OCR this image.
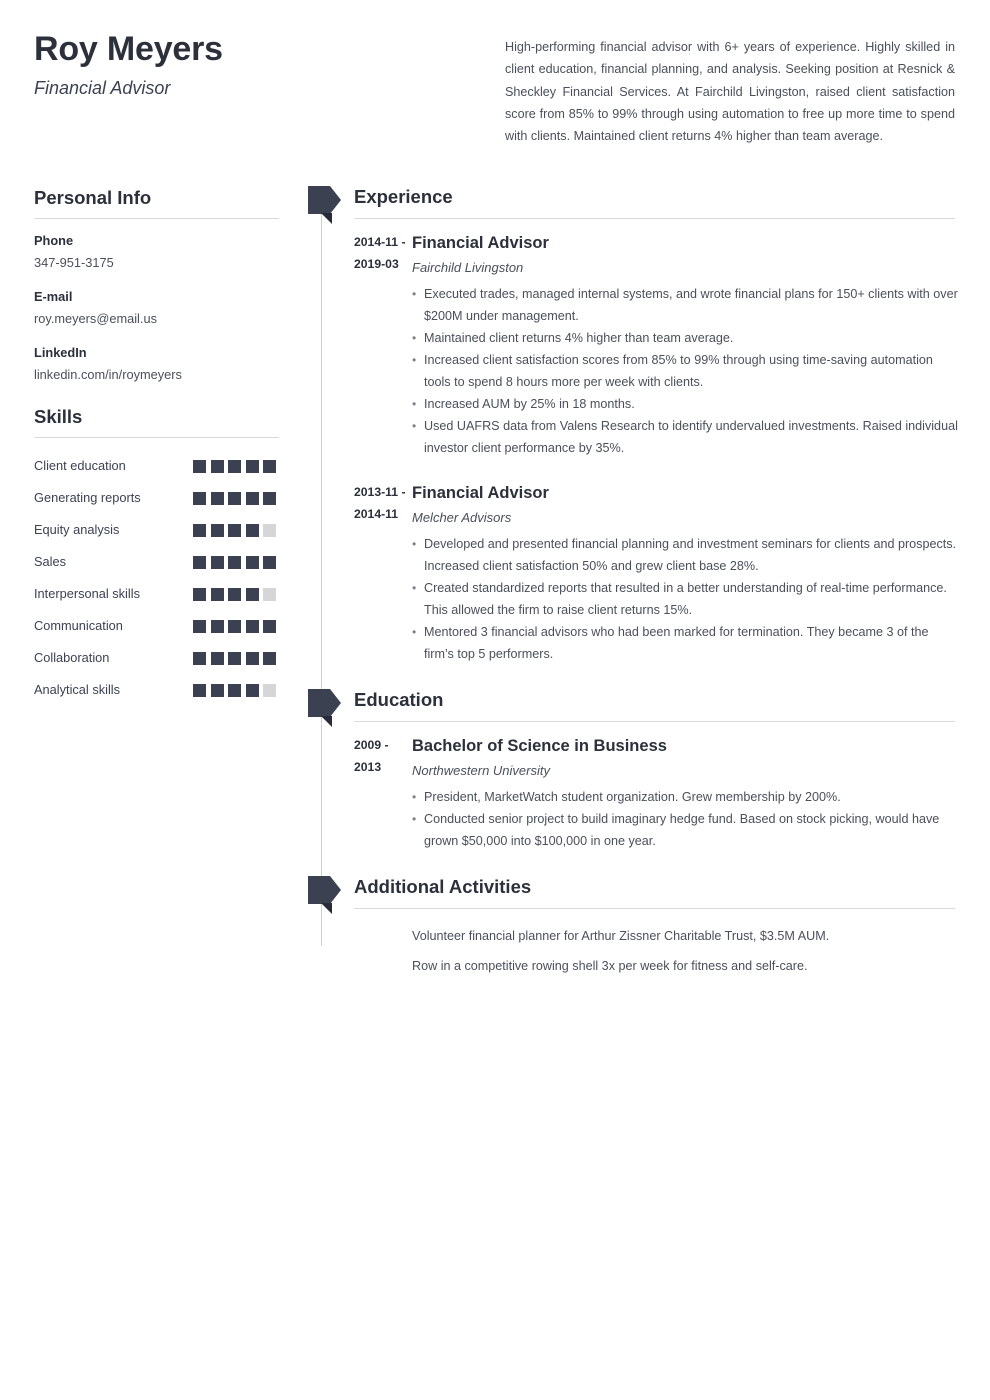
Roy Meyers
Financial Advisor
High-performing financial advisor with 6+ years of experience. Highly skilled in client education, financial planning, and analysis. Seeking position at Resnick & Sheckley Financial Services. At Fairchild Livingston, raised client satisfaction score from 85% to 99% through using automation to free up more time to spend with clients. Maintained client returns 4% higher than team average.
Personal Info
Phone
347-951-3175
E-mail
roy.meyers@email.us
LinkedIn
linkedin.com/in/roymeyers
Skills
Client education
Generating reports
Equity analysis
Sales
Interpersonal skills
Communication
Collaboration
Analytical skills
Experience
2014-11 -
2019-03
Financial Advisor
Fairchild Livingston
• Executed trades, managed internal systems, and wrote financial plans for 150+ clients with over $200M under management.
• Maintained client returns 4% higher than team average.
• Increased client satisfaction scores from 85% to 99% through using time-saving automation tools to spend 8 hours more per week with clients.
• Increased AUM by 25% in 18 months.
• Used UAFRS data from Valens Research to identify undervalued investments. Raised individual investor client performance by 35%.
2013-11 -
2014-11
Financial Advisor
Melcher Advisors
• Developed and presented financial planning and investment seminars for clients and prospects. Increased client satisfaction 50% and grew client base 28%.
• Created standardized reports that resulted in a better understanding of real-time performance. This allowed the firm to raise client returns 15%.
• Mentored 3 financial advisors who had been marked for termination. They became 3 of the firm’s top 5 performers.
Education
2009 -
2013
Bachelor of Science in Business
Northwestern University
• President, MarketWatch student organization. Grew membership by 200%.
• Conducted senior project to build imaginary hedge fund. Based on stock picking, would have grown $50,000 into $100,000 in one year.
Additional Activities

Volunteer financial planner for Arthur Zissner Charitable Trust, $3.5M AUM.

Row in a competitive rowing shell 3x per week for fitness and self-care.
